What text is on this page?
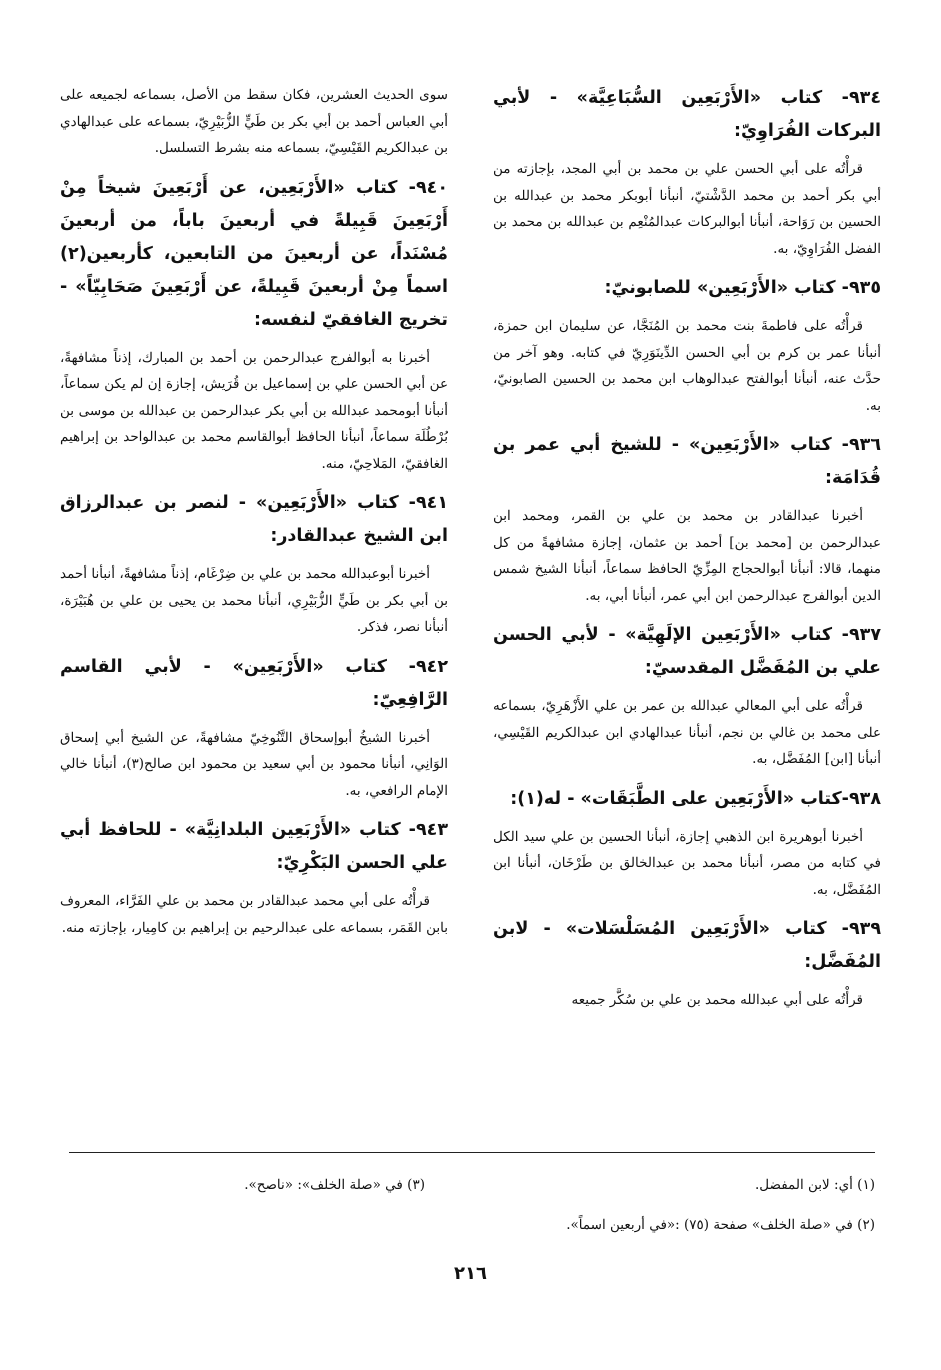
٩٣٤- كتاب «الأَرْبَعِين السُّبَاعِيَّة» - لأبي البركات الفُرَاوِيّ:

قرأْتُه على أبي الحسن علي بن محمد بن أبي المجد، بإجازته من أبي بكر أحمد بن محمد الدَّشْتيّ، أنبأنا أبوبكر محمد بن عبدالله بن الحسين بن رَوَاحة، أنبأنا أبوالبركات عبدالمُنْعِم بن عبدالله بن محمد بن الفضل الفُرَاوِيّ، به.

٩٣٥- كتاب «الأَرْبَعِين» للصابونيّ:

قرأْتُه على فاطمةَ بنت محمد بن المُنَجَّا، عن سليمان ابن حمزة، أنبأنا عمر بن كرم بن أبي الحسن الدِّينَوَرِيّ في كتابه. وهو آخر من حدَّث عنه، أنبأنا أبوالفتح عبدالوهاب ابن محمد بن الحسين الصابونيّ، به.

٩٣٦- كتاب «الأَرْبَعِين» - للشيخ أبي عمر بن قُدَامَة:

أخبرنا عبدالقادر بن محمد بن علي بن القمر، ومحمد ابن عبدالرحمن بن [محمد بن] أحمد بن عثمان، إجازة مشافهةً من كل منهما، قالا: أنبأنا أبوالحجاج المِزِّيّ الحافظ سماعاً، أنبأنا الشيخ شمس الدين أبوالفرج عبدالرحمن ابن أبي عمر، أنبأنا أبي، به.

٩٣٧- كتاب «الأَرْبَعِين الإلَهِيَّة» - لأبي الحسن علي بن المُفَضَّل المقدسيّ:

قرأْتُه على أبي المعالي عبدالله بن عمر بن علي الأَزْهَرِيّ، بسماعه على محمد بن غالي بن نجم، أنبأنا عبدالهادي ابن عبدالكريم القَيْسِي، أنبأنا [ابن] المُفَضَّل، به.

٩٣٨-كتاب «الأَرْبَعِين على الطَّبَقَات» - له(١):

أخبرنا أبوهريرة ابن الذهبي إجازة، أنبأنا الحسين بن علي سيد الكل في كتابه من مصر، أنبأنا محمد بن عبدالخالق بن طَرْخَان، أنبأنا ابن المُفَضَّل، به.

٩٣٩- كتاب «الأَرْبَعِين المُسَلْسَلات» - لابن المُفَضَّل:

قرأْتُه على أبي عبدالله محمد بن علي بن سُكَّر جميعه

سوى الحديث العشرين، فكان سقط من الأصل، بسماعه لجميعه على أبي العباس أحمد بن أبي بكر بن طَيٍّ الزُّبَيْرِيّ، بسماعه على عبدالهادي بن عبدالكريم القَيْسِيّ، بسماعه منه بشرط التسلسل.

٩٤٠- كتاب «الأَرْبَعِين، عن أَرْبَعِينَ شيخاً مِنْ أَرْبَعِينَ قَبِيلةً في أربعينَ باباً، من أربعينَ مُسْنَداً، عن أربعينَ من التابعين، كأربعين(٢) اسماً مِنْ أربعينَ قَبِيلةً، عن أَرْبَعِينَ صَحَابِيّاً» - تخريج الغافقيّ لنفسه:

أخبرنا به أبوالفرج عبدالرحمن بن أحمد بن المبارك، إذناً مشافهةً، عن أبي الحسن علي بن إسماعيل بن قُرَيش، إجازة إن لم يكن سماعاً، أنبأنا أبومحمد عبدالله بن أبي بكر عبدالرحمن بن عبدالله بن موسى بن بُرْطُلَة سماعاً، أنبأنا الحافظ أبوالقاسم محمد بن عبدالواحد بن إبراهيم الغافقيّ، المَلاحِيّ، منه.

٩٤١- كتاب «الأَرْبَعِين» - لنصر بن عبدالرزاق ابن الشيخ عبدالقادر:

أخبرنا أبوعبدالله محمد بن علي بن ضِرْغَام، إذناً مشافهةً، أنبأنا أحمد بن أبي بكر بن طَيٍّ الزُّبَيْرِي، أنبأنا محمد بن يحيى بن علي بن هُبَيْرَة، أنبأنا نصر، فذكر.

٩٤٢- كتاب «الأَرْبَعِين» - لأبي القاسم الرَّافِعِيّ:

أخبرنا الشيخُ أبوإسحاق التَّنُوخِيّ مشافهةً، عن الشيخ أبي إسحاق الوَانِي، أنبأنا محمود بن أبي سعيد بن محمود ابن صالح(٣)، أنبأنا خالي الإمام الرافعي، به.

٩٤٣- كتاب «الأَرْبَعِين البلدانِيَّة» - للحافظ أبي علي الحسن البَكْرِيّ:

قرأْتُه على أبي محمد عبدالقادر بن محمد بن علي الفَرَّاء، المعروف بابن القَمَر، بسماعه على عبدالرحيم بن إبراهيم بن كامِيار، بإجازته منه.

(١) أي: لابن المفضل.
(٢) في «صلة الخلف» صفحة (٧٥) :«في أربعين اسماً».
(٣) في «صلة الخلف»: «ناصح».
٢١٦
